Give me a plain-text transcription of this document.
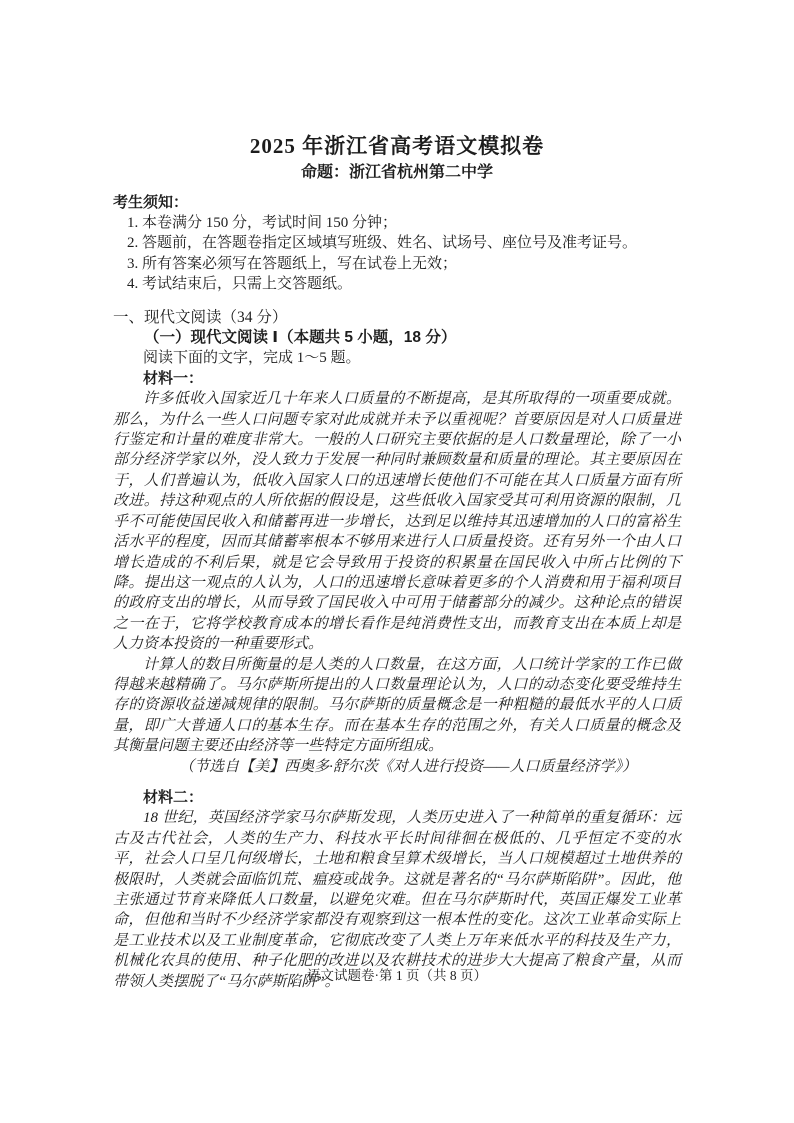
2025 年浙江省高考语文模拟卷
命题：浙江省杭州第二中学
考生须知：
1. 本卷满分 150 分，考试时间 150 分钟；
2. 答题前，在答题卷指定区域填写班级、姓名、试场号、座位号及准考证号。
3. 所有答案必须写在答题纸上，写在试卷上无效；
4. 考试结束后，只需上交答题纸。
一、现代文阅读（34 分）
（一）现代文阅读 Ⅰ（本题共 5 小题，18 分）
阅读下面的文字，完成 1～5 题。
材料一：

许多低收入国家近几十年来人口质量的不断提高，是其所取得的一项重要成就。那么，为什么一些人口问题专家对此成就并未予以重视呢？首要原因是对人口质量进行鉴定和计量的难度非常大。一般的人口研究主要依据的是人口数量理论，除了一小部分经济学家以外，没人致力于发展一种同时兼顾数量和质量的理论。其主要原因在于，人们普遍认为，低收入国家人口的迅速增长使他们不可能在其人口质量方面有所改进。持这种观点的人所依据的假设是，这些低收入国家受其可利用资源的限制，几乎不可能使国民收入和储蓄再进一步增长，达到足以维持其迅速增加的人口的富裕生活水平的程度，因而其储蓄率根本不够用来进行人口质量投资。还有另外一个由人口增长造成的不利后果，就是它会导致用于投资的积累量在国民收入中所占比例的下降。提出这一观点的人认为，人口的迅速增长意味着更多的个人消费和用于福利项目的政府支出的增长，从而导致了国民收入中可用于储蓄部分的减少。这种论点的错误之一在于，它将学校教育成本的增长看作是纯消费性支出，而教育支出在本质上却是人力资本投资的一种重要形式。

计算人的数目所衡量的是人类的人口数量，在这方面，人口统计学家的工作已做得越来越精确了。马尔萨斯所提出的人口数量理论认为，人口的动态变化要受维持生存的资源收益递减规律的限制。马尔萨斯的质量概念是一种粗糙的最低水平的人口质量，即广大普通人口的基本生存。而在基本生存的范围之外，有关人口质量的概念及其衡量问题主要还由经济等一些特定方面所组成。

（节选自【美】西奥多·舒尔茨《对人进行投资——人口质量经济学》）
材料二：

18 世纪，英国经济学家马尔萨斯发现，人类历史进入了一种简单的重复循环：远古及古代社会，人类的生产力、科技水平长时间徘徊在极低的、几乎恒定不变的水平，社会人口呈几何级增长，土地和粮食呈算术级增长，当人口规模超过土地供养的极限时，人类就会面临饥荒、瘟疫或战争。这就是著名的“马尔萨斯陷阱”。因此，他主张通过节育来降低人口数量，以避免灾难。但在马尔萨斯时代，英国正爆发工业革命，但他和当时不少经济学家都没有观察到这一根本性的变化。这次工业革命实际上是工业技术以及工业制度革命，它彻底改变了人类上万年来低水平的科技及生产力，机械化农具的使用、种子化肥的改进以及农耕技术的进步大大提高了粮食产量，从而带领人类摆脱了“马尔萨斯陷阱”。

语文试题卷·第 1 页（共 8 页）
